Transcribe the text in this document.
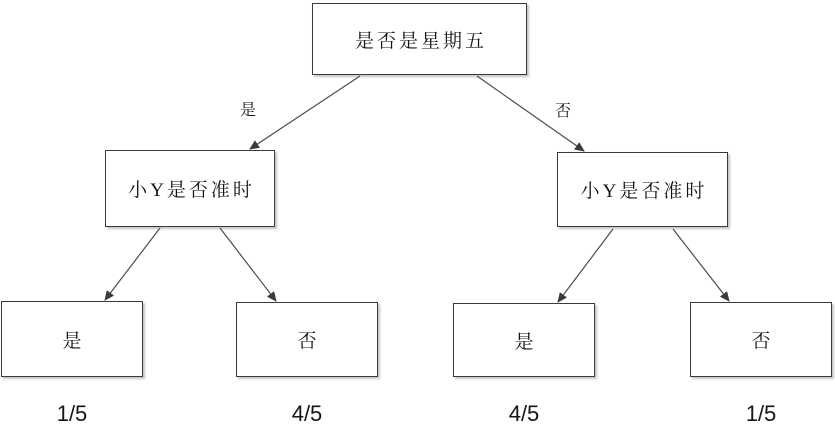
是否是星期五
是	否
小Y是否准时	小Y是否准时
是	否	是	否
1/5	4/5	4/5	1/5
